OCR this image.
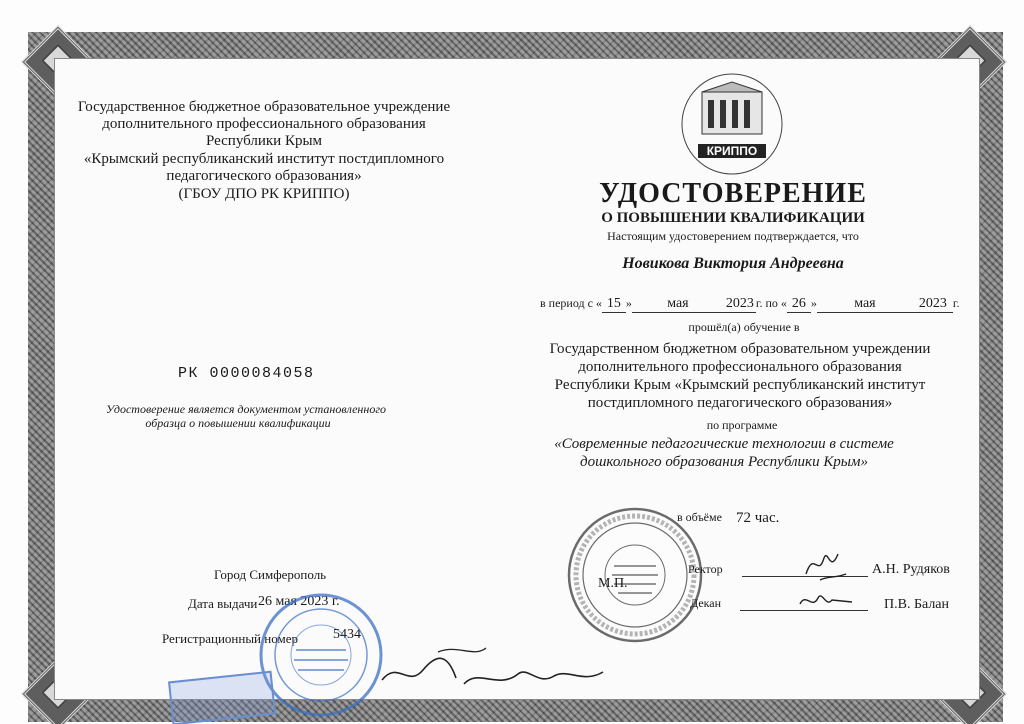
Государственное бюджетное образовательное учреждение
дополнительного профессионального образования
Республики Крым
«Крымский республиканский институт постдипломного
педагогического образования»
(ГБОУ ДПО РК КРИППО)
РК 0000084058
Удостоверение является документом установленного
образца о повышении квалификации
Город Симферополь
Дата выдачи 26 мая 2023 г.
Регистрационный номер	5434
КРИППО
УДОСТОВЕРЕНИЕ
О ПОВЫШЕНИИ КВАЛИФИКАЦИИ
Настоящим удостоверением подтверждается, что
Новикова Виктория Андреевна
в период с « 15 »	мая	2023 г. по « 26 »	мая	2023 г.
прошёл(а) обучение в
Государственном бюджетном образовательном учреждении
дополнительного профессионального образования
Республики Крым «Крымский республиканский институт
постдипломного педагогического образования»
по программе
«Современные педагогические технологии в системе
дошкольного образования Республики Крым»
в объёме 72 час.
М.П.
Ректор	А.Н. Рудяков
Декан	П.В. Балан
